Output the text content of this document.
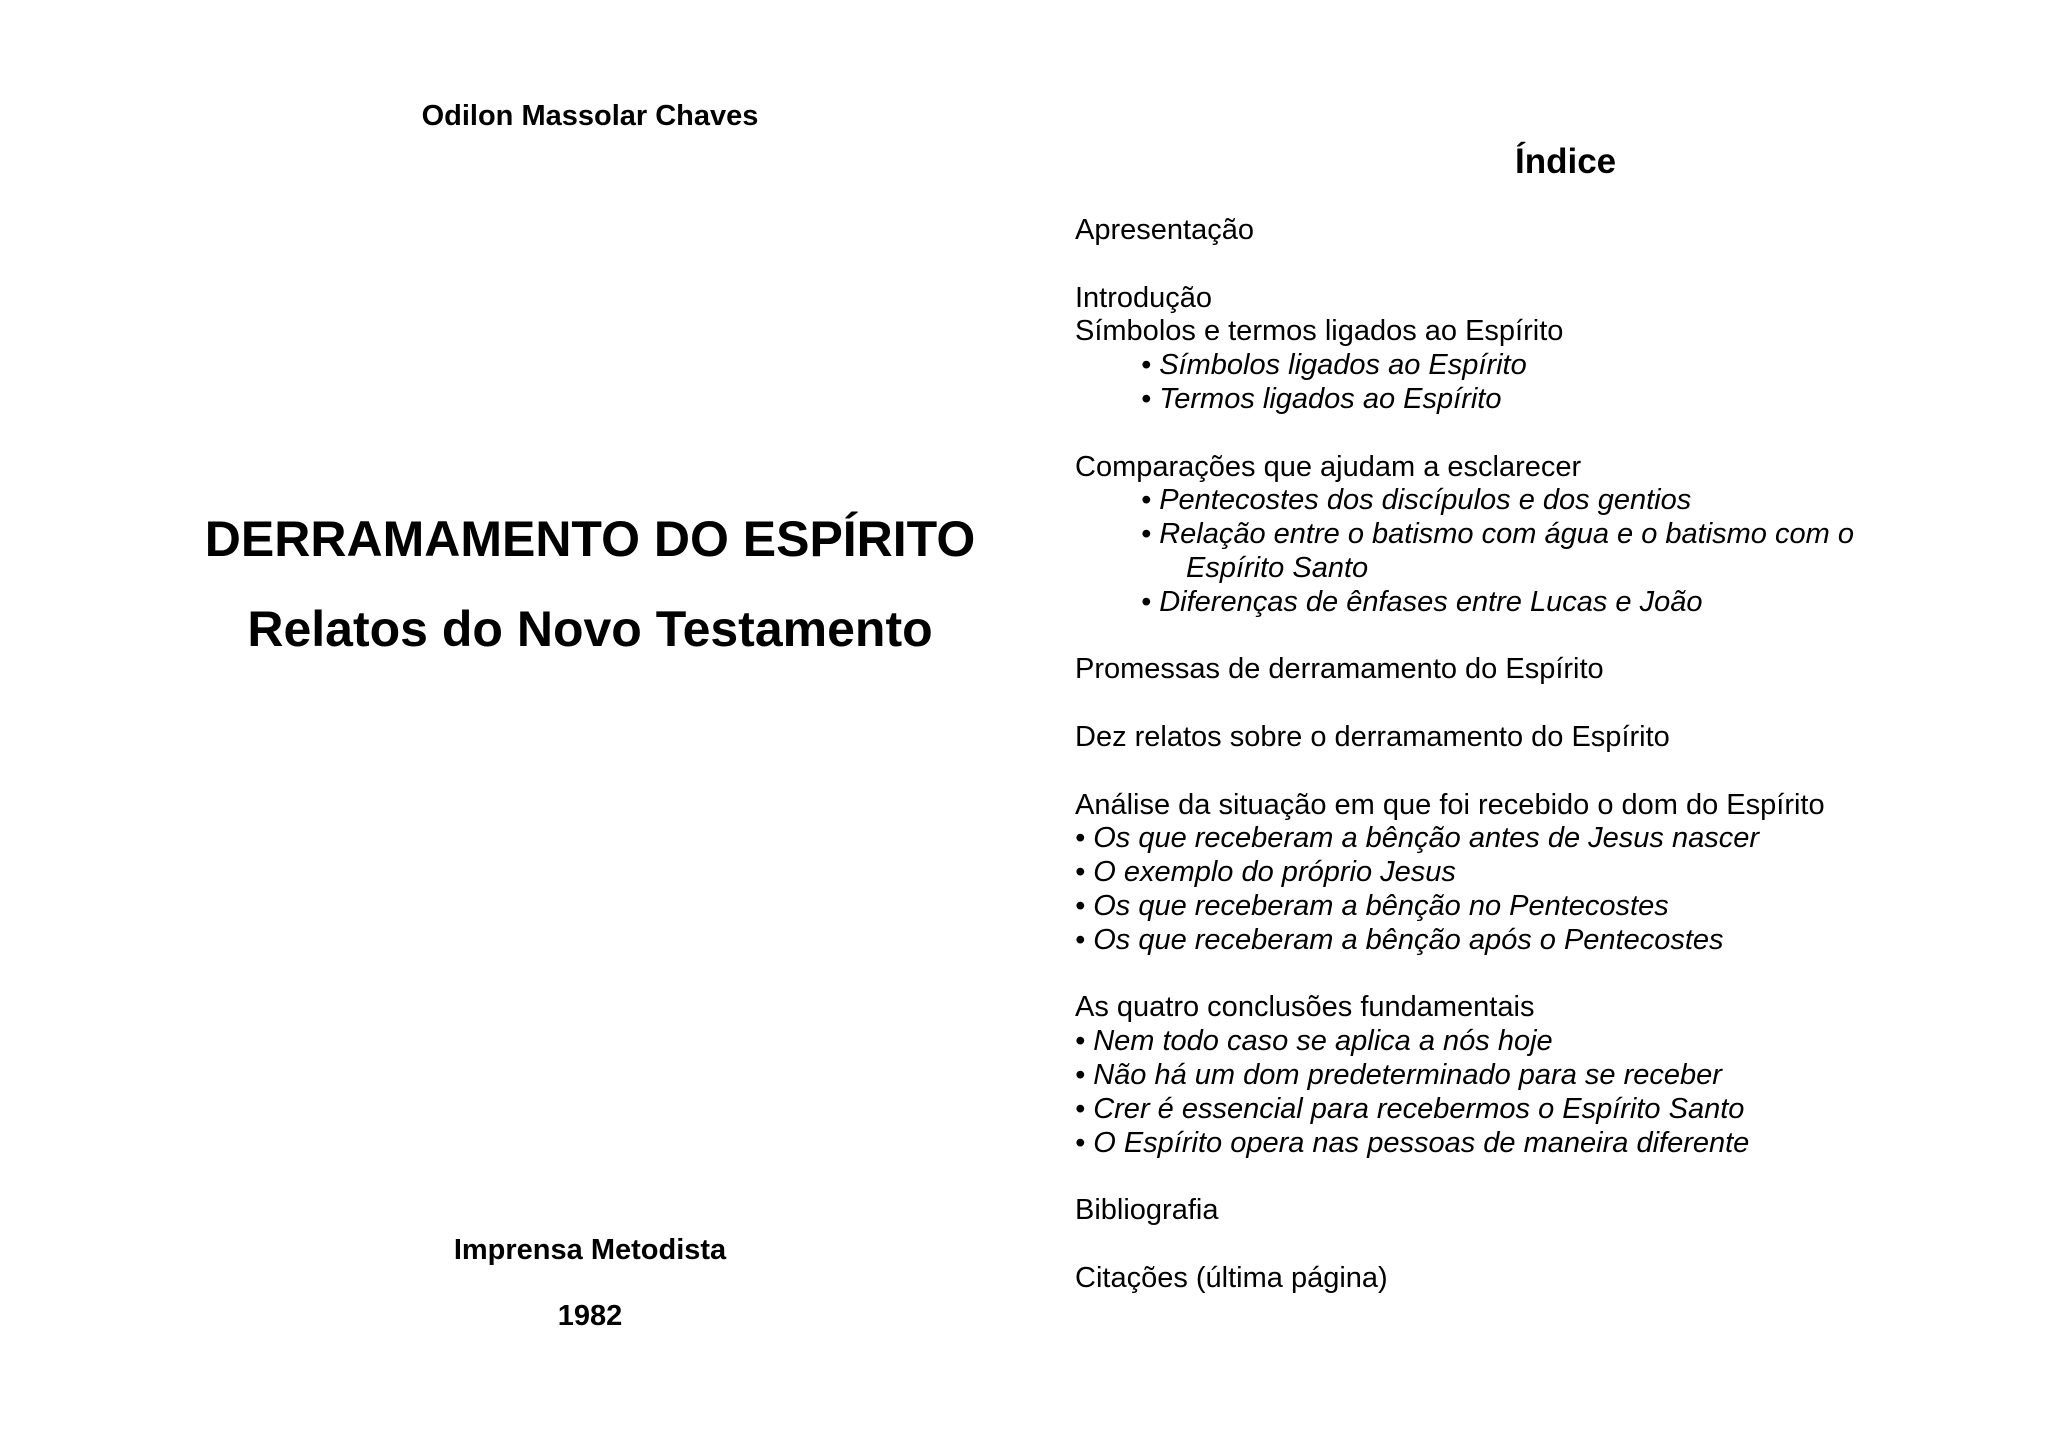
Odilon Massolar Chaves
DERRAMAMENTO DO ESPÍRITO
Relatos do Novo Testamento
Imprensa Metodista
1982
Índice
Apresentação
Introdução
Símbolos e termos ligados ao Espírito
• Símbolos ligados ao Espírito
• Termos ligados ao Espírito
Comparações que ajudam a esclarecer
• Pentecostes dos discípulos e dos gentios
• Relação entre o batismo com água e o batismo com o
Espírito Santo
• Diferenças de ênfases entre Lucas e João
Promessas de derramamento do Espírito
Dez relatos sobre o derramamento do Espírito
Análise da situação em que foi recebido o dom do Espírito
• Os que receberam a bênção antes de Jesus nascer
• O exemplo do próprio Jesus
• Os que receberam a bênção no Pentecostes
• Os que receberam a bênção após o Pentecostes
As quatro conclusões fundamentais
• Nem todo caso se aplica a nós hoje
• Não há um dom predeterminado para se receber
• Crer é essencial para recebermos o Espírito Santo
• O Espírito opera nas pessoas de maneira diferente
Bibliografia
Citações (última página)
